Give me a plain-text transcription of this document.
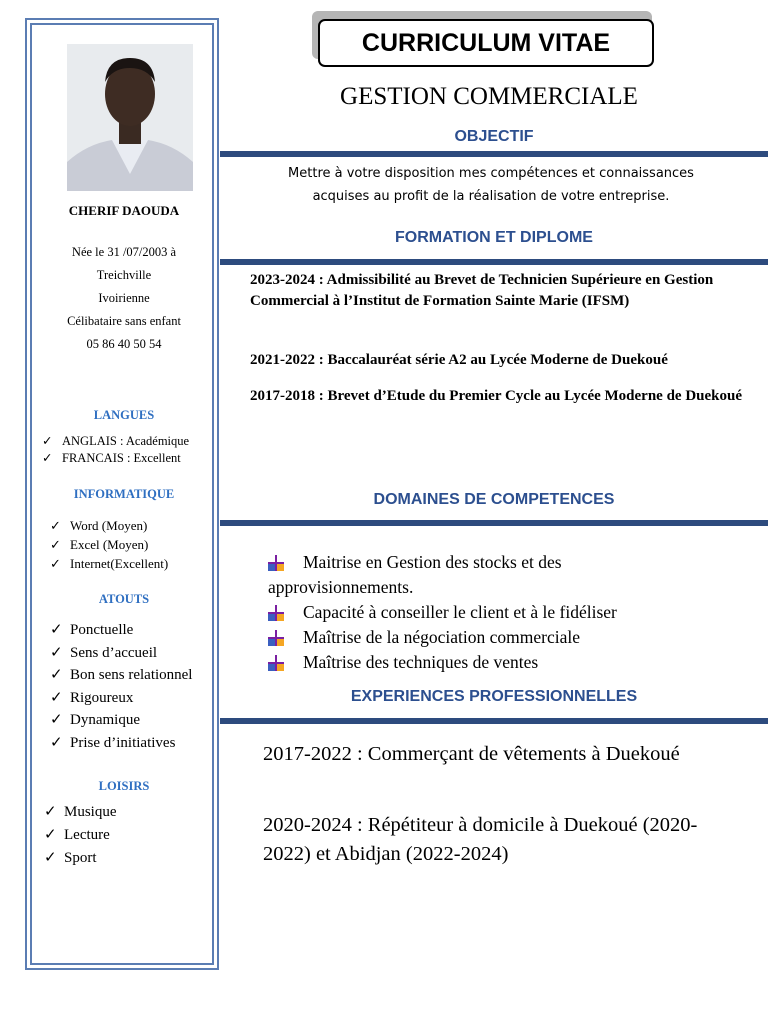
CHERIF DAOUDA
Née le 31 /07/2003 à
Treichville
Ivoirienne
Célibataire sans enfant
05 86 40 50 54
LANGUES
✓ ANGLAIS : Académique
✓ FRANCAIS : Excellent
INFORMATIQUE
✓ Word (Moyen)
✓ Excel (Moyen)
✓ Internet(Excellent)
ATOUTS
✓ Ponctuelle
✓ Sens d’accueil
✓ Bon sens relationnel
✓ Rigoureux
✓ Dynamique
✓ Prise d’initiatives
LOISIRS
✓ Musique
✓ Lecture
✓ Sport
CURRICULUM VITAE
GESTION COMMERCIALE
OBJECTIF
Mettre à votre disposition mes compétences et connaissances
acquises au profit de la réalisation de votre entreprise.
FORMATION ET DIPLOME
2023-2024 : Admissibilité au Brevet de Technicien Supérieure en Gestion Commercial à l’Institut de Formation Sainte Marie (IFSM)
2021-2022 : Baccalauréat série A2 au Lycée Moderne de Duekoué
2017-2018 : Brevet d’Etude du Premier Cycle au Lycée Moderne de Duekoué
DOMAINES DE COMPETENCES
Maitrise en Gestion des stocks et des
approvisionnements.
Capacité à conseiller le client et à le fidéliser
Maîtrise de la négociation commerciale
Maîtrise des techniques de ventes
EXPERIENCES PROFESSIONNELLES
2017-2022 : Commerçant de vêtements à Duekoué
2020-2024 : Répétiteur à domicile à Duekoué (2020-2022) et Abidjan (2022-2024)
